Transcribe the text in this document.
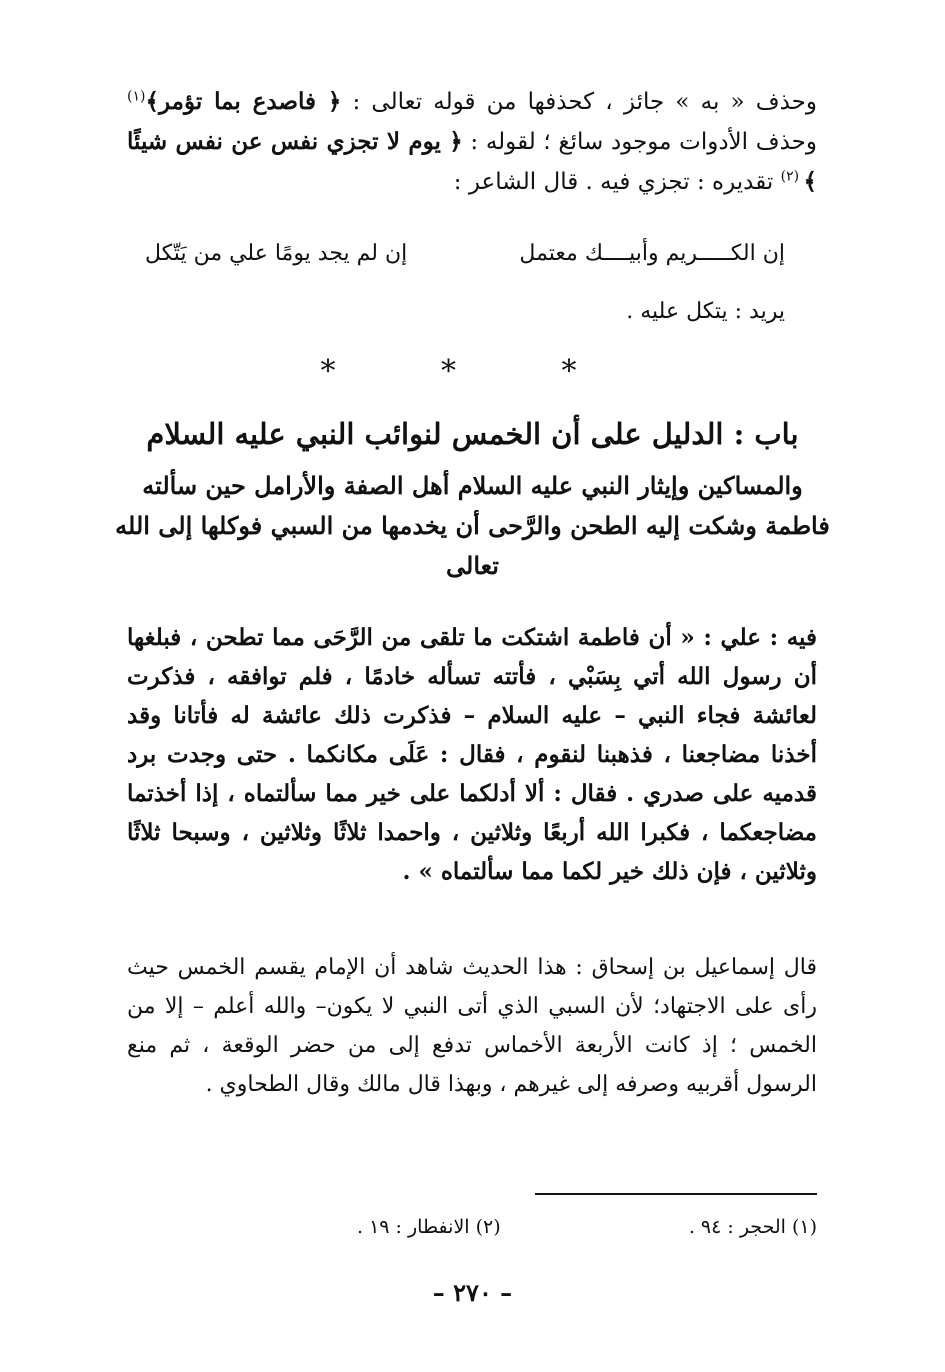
وحذف « به » جائز ، كحذفها من قوله تعالى : ﴿ فاصدع بما تؤمر﴾$^{(١)}$ وحذف الأدوات موجود سائغ ؛ لقوله : ﴿ يوم لا تجزي نفس عن نفس شيئًا ﴾ $^{(٢)}$ تقديره : تجزي فيه . قال الشاعر :

إن الكـــــريم وأبيــــك معتمل
إن لم يجد يومًا علي من يَتّكل
يريد : يتكل عليه .
* * *
باب : الدليل على أن الخمس لنوائب النبي عليه السلام
والمساكين وإيثار النبي عليه السلام أهل الصفة والأرامل حين سألته فاطمة وشكت إليه الطحن والرَّحى أن يخدمها من السبي فوكلها إلى الله تعالى

فيه : علي : « أن فاطمة اشتكت ما تلقى من الرَّحَى مما تطحن ، فبلغها أن رسول الله أتي بِسَبْي ، فأتته تسأله خادمًا ، فلم توافقه ، فذكرت لعائشة فجاء النبي – عليه السلام – فذكرت ذلك عائشة له فأتانا وقد أخذنا مضاجعنا ، فذهبنا لنقوم ، فقال : عَلَى مكانكما . حتى وجدت برد قدميه على صدري . فقال : ألا أدلكما على خير مما سألتماه ، إذا أخذتما مضاجعكما ، فكبرا الله أربعًا وثلاثين ، واحمدا ثلاثًا وثلاثين ، وسبحا ثلاثًا وثلاثين ، فإن ذلك خير لكما مما سألتماه » .

قال إسماعيل بن إسحاق : هذا الحديث شاهد أن الإمام يقسم الخمس حيث رأى على الاجتهاد؛ لأن السبي الذي أتى النبي لا يكون– والله أعلم – إلا من الخمس ؛ إذ كانت الأربعة الأخماس تدفع إلى من حضر الوقعة ، ثم منع الرسول أقربيه وصرفه إلى غيرهم ، وبهذا قال مالك وقال الطحاوي .

(١) الحجر : ٩٤ .
(٢) الانفطار : ١٩ .
– ٢٧٠ –
